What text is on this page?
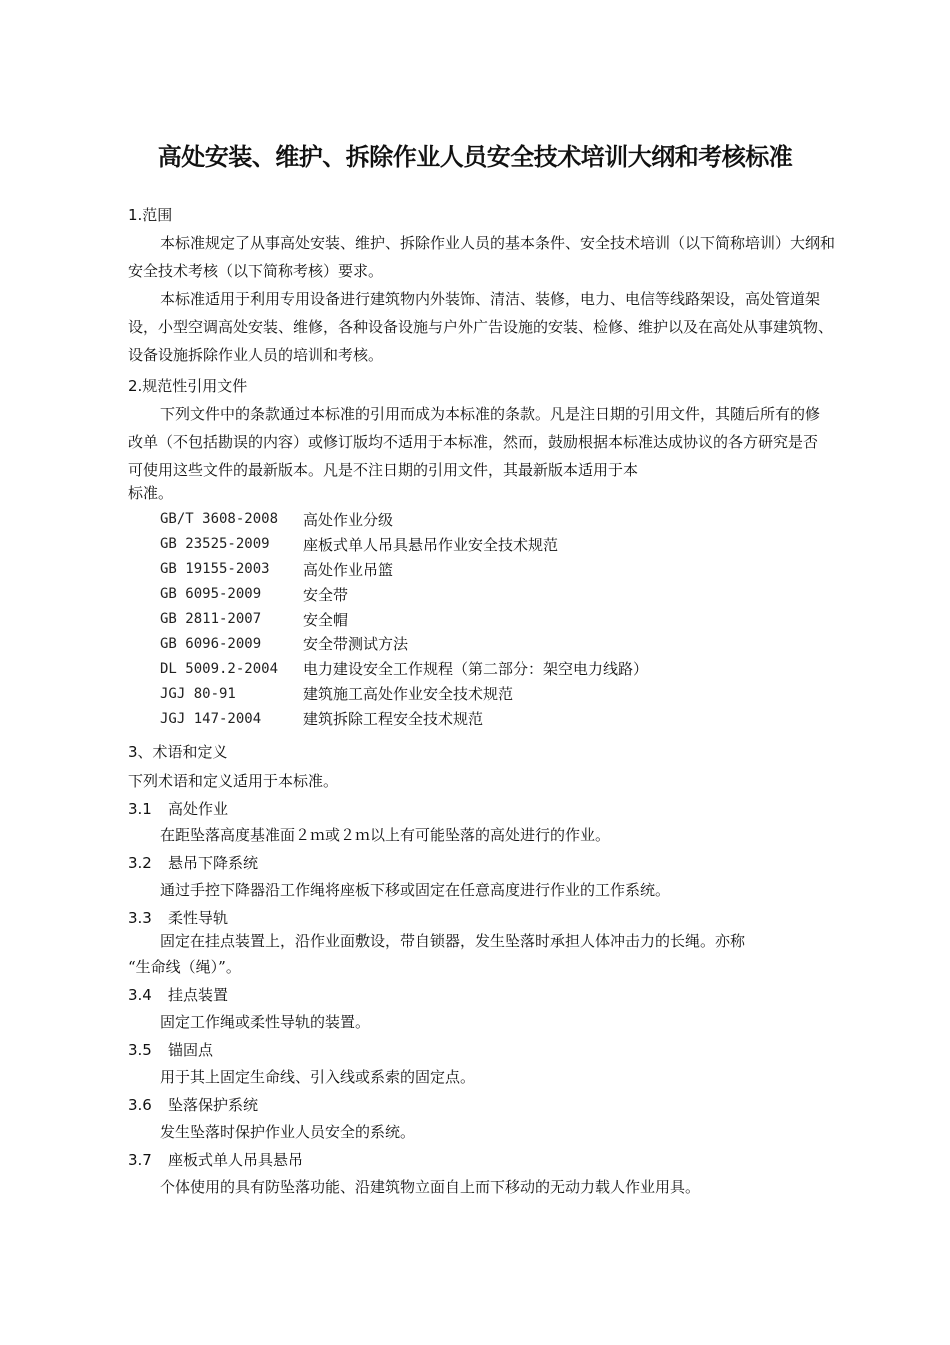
高处安装、维护、拆除作业人员安全技术培训大纲和考核标准
1.范围
本标准规定了从事高处安装、维护、拆除作业人员的基本条件、安全技术培训（以下简称培训）大纲和安全技术考核（以下简称考核）要求。
本标准适用于利用专用设备进行建筑物内外装饰、清洁、装修，电力、电信等线路架设，高处管道架设，小型空调高处安装、维修，各种设备设施与户外广告设施的安装、检修、维护以及在高处从事建筑物、设备设施拆除作业人员的培训和考核。
2.规范性引用文件
下列文件中的条款通过本标准的引用而成为本标准的条款。凡是注日期的引用文件，其随后所有的修改单（不包括勘误的内容）或修订版均不适用于本标准，然而，鼓励根据本标准达成协议的各方研究是否可使用这些文件的最新版本。凡是不注日期的引用文件，其最新版本适用于本
标准。
GB/T 3608-2008	高处作业分级
GB 23525-2009	座板式单人吊具悬吊作业安全技术规范
GB 19155-2003	高处作业吊篮
GB 6095-2009	安全带
GB 2811-2007	安全帽
GB 6096-2009	安全带测试方法
DL 5009.2-2004	电力建设安全工作规程（第二部分：架空电力线路）
JGJ 80-91	建筑施工高处作业安全技术规范
JGJ 147-2004	建筑拆除工程安全技术规范
3、术语和定义
下列术语和定义适用于本标准。
3.1 高处作业
在距坠落高度基准面２ｍ或２ｍ以上有可能坠落的高处进行的作业。
3.2 悬吊下降系统
通过手控下降器沿工作绳将座板下移或固定在任意高度进行作业的工作系统。
3.3 柔性导轨
固定在挂点装置上，沿作业面敷设，带自锁器，发生坠落时承担人体冲击力的长绳。亦称
“生命线（绳）”。
3.4 挂点装置
固定工作绳或柔性导轨的装置。
3.5 锚固点
用于其上固定生命线、引入线或系索的固定点。
3.6 坠落保护系统
发生坠落时保护作业人员安全的系统。
3.7 座板式单人吊具悬吊
个体使用的具有防坠落功能、沿建筑物立面自上而下移动的无动力载人作业用具。
